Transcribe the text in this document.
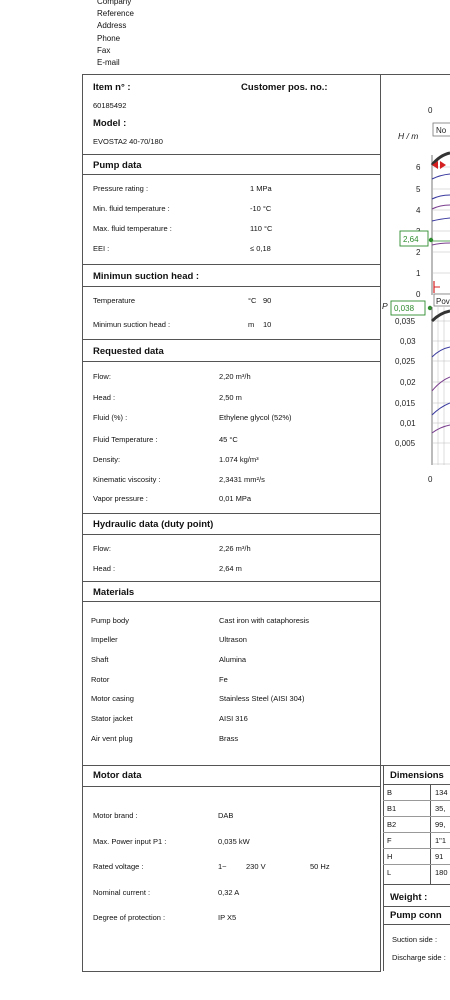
Company
Reference
Address
Phone
Fax
E-mail
Item n° :	Customer pos. no.:
60185492
Model :
EVOSTA2 40-70/180
Pump data
Pressure rating :	1 MPa
Min. fluid temperature :	-10 °C
Max. fluid temperature :	110 °C
EEI :	≤ 0,18
Minimun suction head :
Temperature	°C 90
Minimun suction head :	m 10
Requested data
Flow:	2,20 m³/h
Head :	2,50 m
Fluid (%) :	Ethylene glycol (52%)
Fluid Temperature :	45 °C
Density:	1.074 kg/m³
Kinematic viscosity :	2,3431 mm²/s
Vapor pressure :	0,01 MPa
Hydraulic data (duty point)
Flow:	2,26 m³/h
Head :	2,64 m
Materials
Pump body	Cast iron with cataphoresis
Impeller	Ultrason
Shaft	Alumina
Rotor	Fe
Motor casing	Stainless Steel (AISI 304)
Stator jacket	AISI 316
Air vent plug	Brass
Motor data
Motor brand :	DAB
Max. Power input P1 :	0,035 kW
Rated voltage :	1~	230 V	50 Hz
Nominal current :	0,32 A
Degree of protection :	IP X5
Dimensions
B	134
B1	35,
B2	99,
F	1"1
H	91
L	180
Weight :
Pump conn
Suction side :
Discharge side :
0
H / m
No
6
5
4
2
1
0
2,64
Pov
P 0,038
0,035
0,03
0,025
0,02
0,015
0,01
0,005
0
